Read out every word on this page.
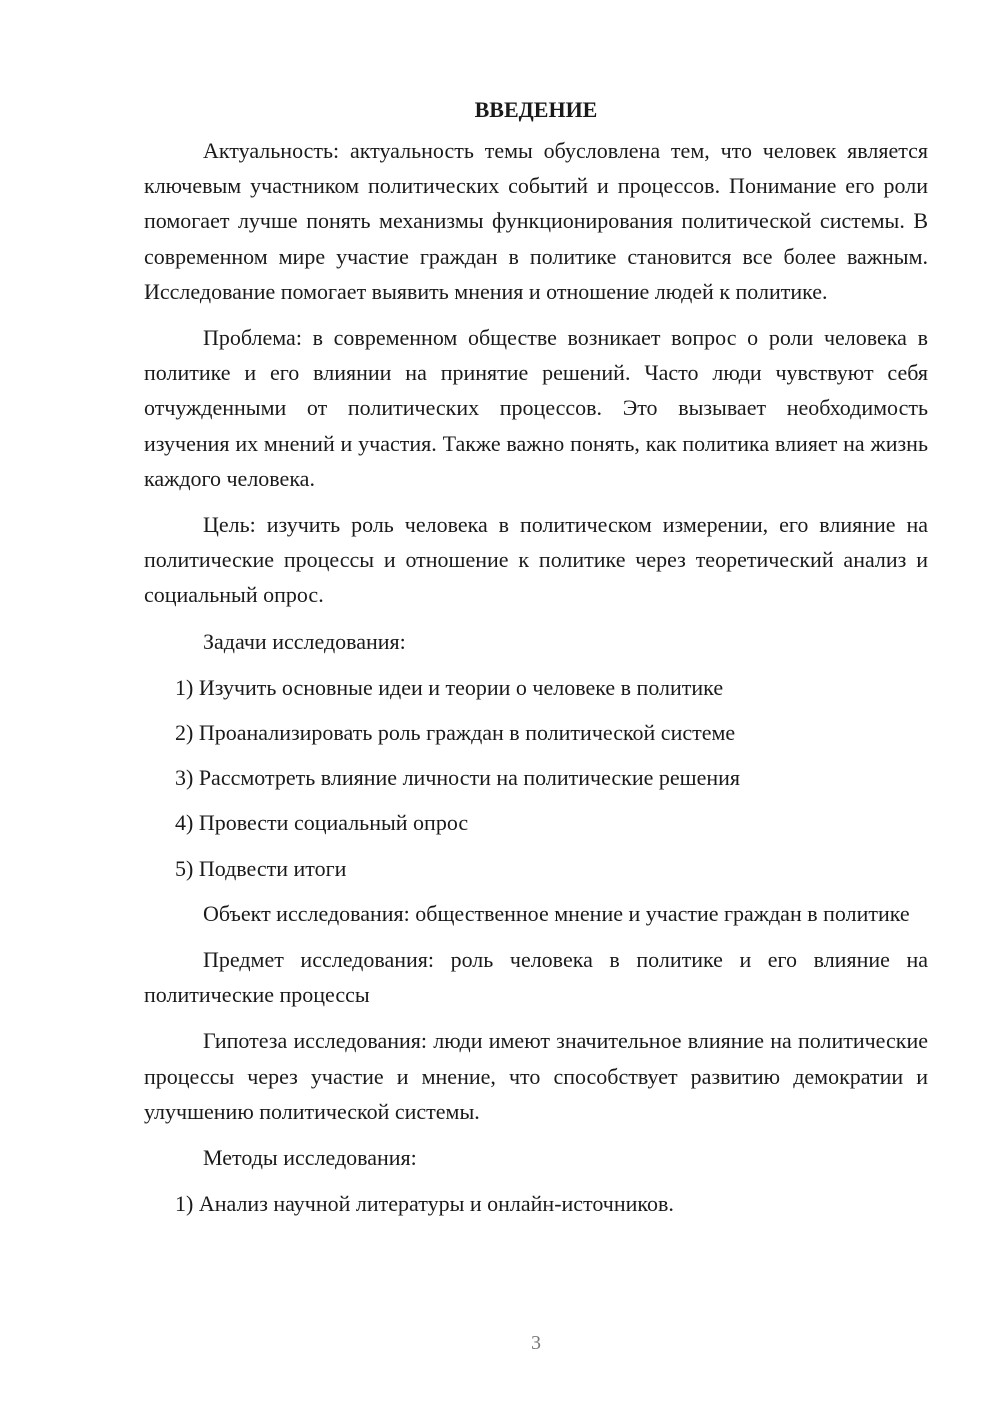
ВВЕДЕНИЕ

Актуальность: актуальность темы обусловлена тем, что человек является ключевым участником политических событий и процессов. Понимание его роли помогает лучше понять механизмы функционирования политической системы. В современном мире участие граждан в политике становится все более важным. Исследование помогает выявить мнения и отношение людей к политике.

Проблема: в современном обществе возникает вопрос о роли человека в политике и его влиянии на принятие решений. Часто люди чувствуют себя отчужденными от политических процессов. Это вызывает необходимость изучения их мнений и участия. Также важно понять, как политика влияет на жизнь каждого человека.

Цель: изучить роль человека в политическом измерении, его влияние на политические процессы и отношение к политике через теоретический анализ и социальный опрос.

Задачи исследования:

1) Изучить основные идеи и теории о человеке в политике

2) Проанализировать роль граждан в политической системе

3) Рассмотреть влияние личности на политические решения

4) Провести социальный опрос

5) Подвести итоги

Объект исследования: общественное мнение и участие граждан в политике

Предмет исследования: роль человека в политике и его влияние на политические процессы

Гипотеза исследования: люди имеют значительное влияние на политические процессы через участие и мнение, что способствует развитию демократии и улучшению политической системы.

Методы исследования:

1) Анализ научной литературы и онлайн-источников.

3
